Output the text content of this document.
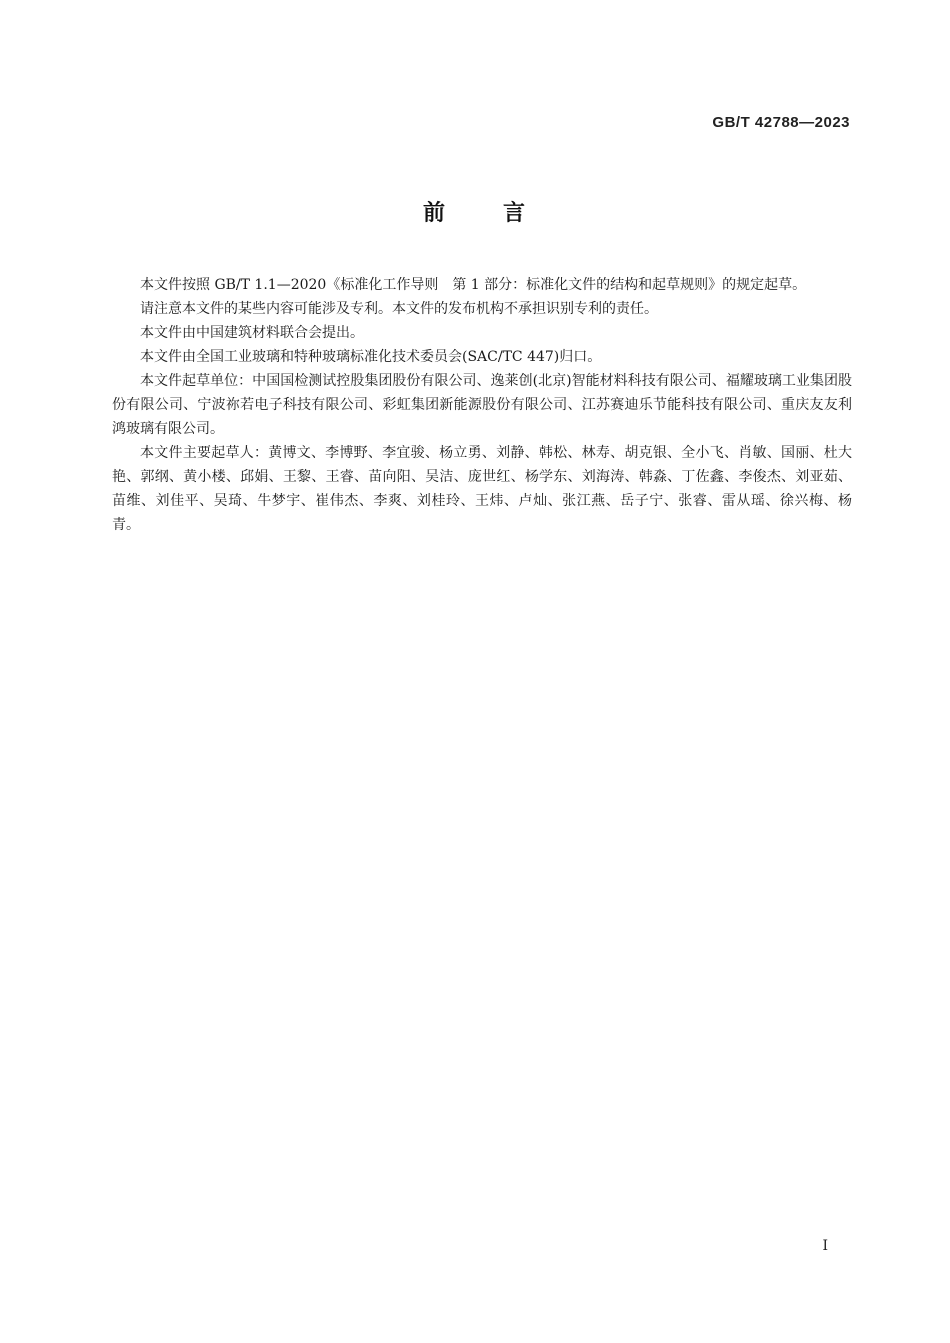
GB/T 42788—2023
前	言

本文件按照 GB/T 1.1—2020《标准化工作导则　第 1 部分：标准化文件的结构和起草规则》的规定起草。

请注意本文件的某些内容可能涉及专利。本文件的发布机构不承担识别专利的责任。

本文件由中国建筑材料联合会提出。

本文件由全国工业玻璃和特种玻璃标准化技术委员会(SAC/TC 447)归口。

本文件起草单位：中国国检测试控股集团股份有限公司、逸莱创(北京)智能材料科技有限公司、福耀玻璃工业集团股份有限公司、宁波祢若电子科技有限公司、彩虹集团新能源股份有限公司、江苏赛迪乐节能科技有限公司、重庆友友利鸿玻璃有限公司。

本文件主要起草人：黄博文、李博野、李宜骏、杨立勇、刘静、韩松、林寿、胡克银、全小飞、肖敏、国丽、杜大艳、郭纲、黄小楼、邱娟、王黎、王睿、苗向阳、吴洁、庞世红、杨学东、刘海涛、韩淼、丁佐鑫、李俊杰、刘亚茹、苗维、刘佳平、吴琦、牛梦宇、崔伟杰、李爽、刘桂玲、王炜、卢灿、张江燕、岳子宁、张睿、雷从瑶、徐兴梅、杨青。

I
